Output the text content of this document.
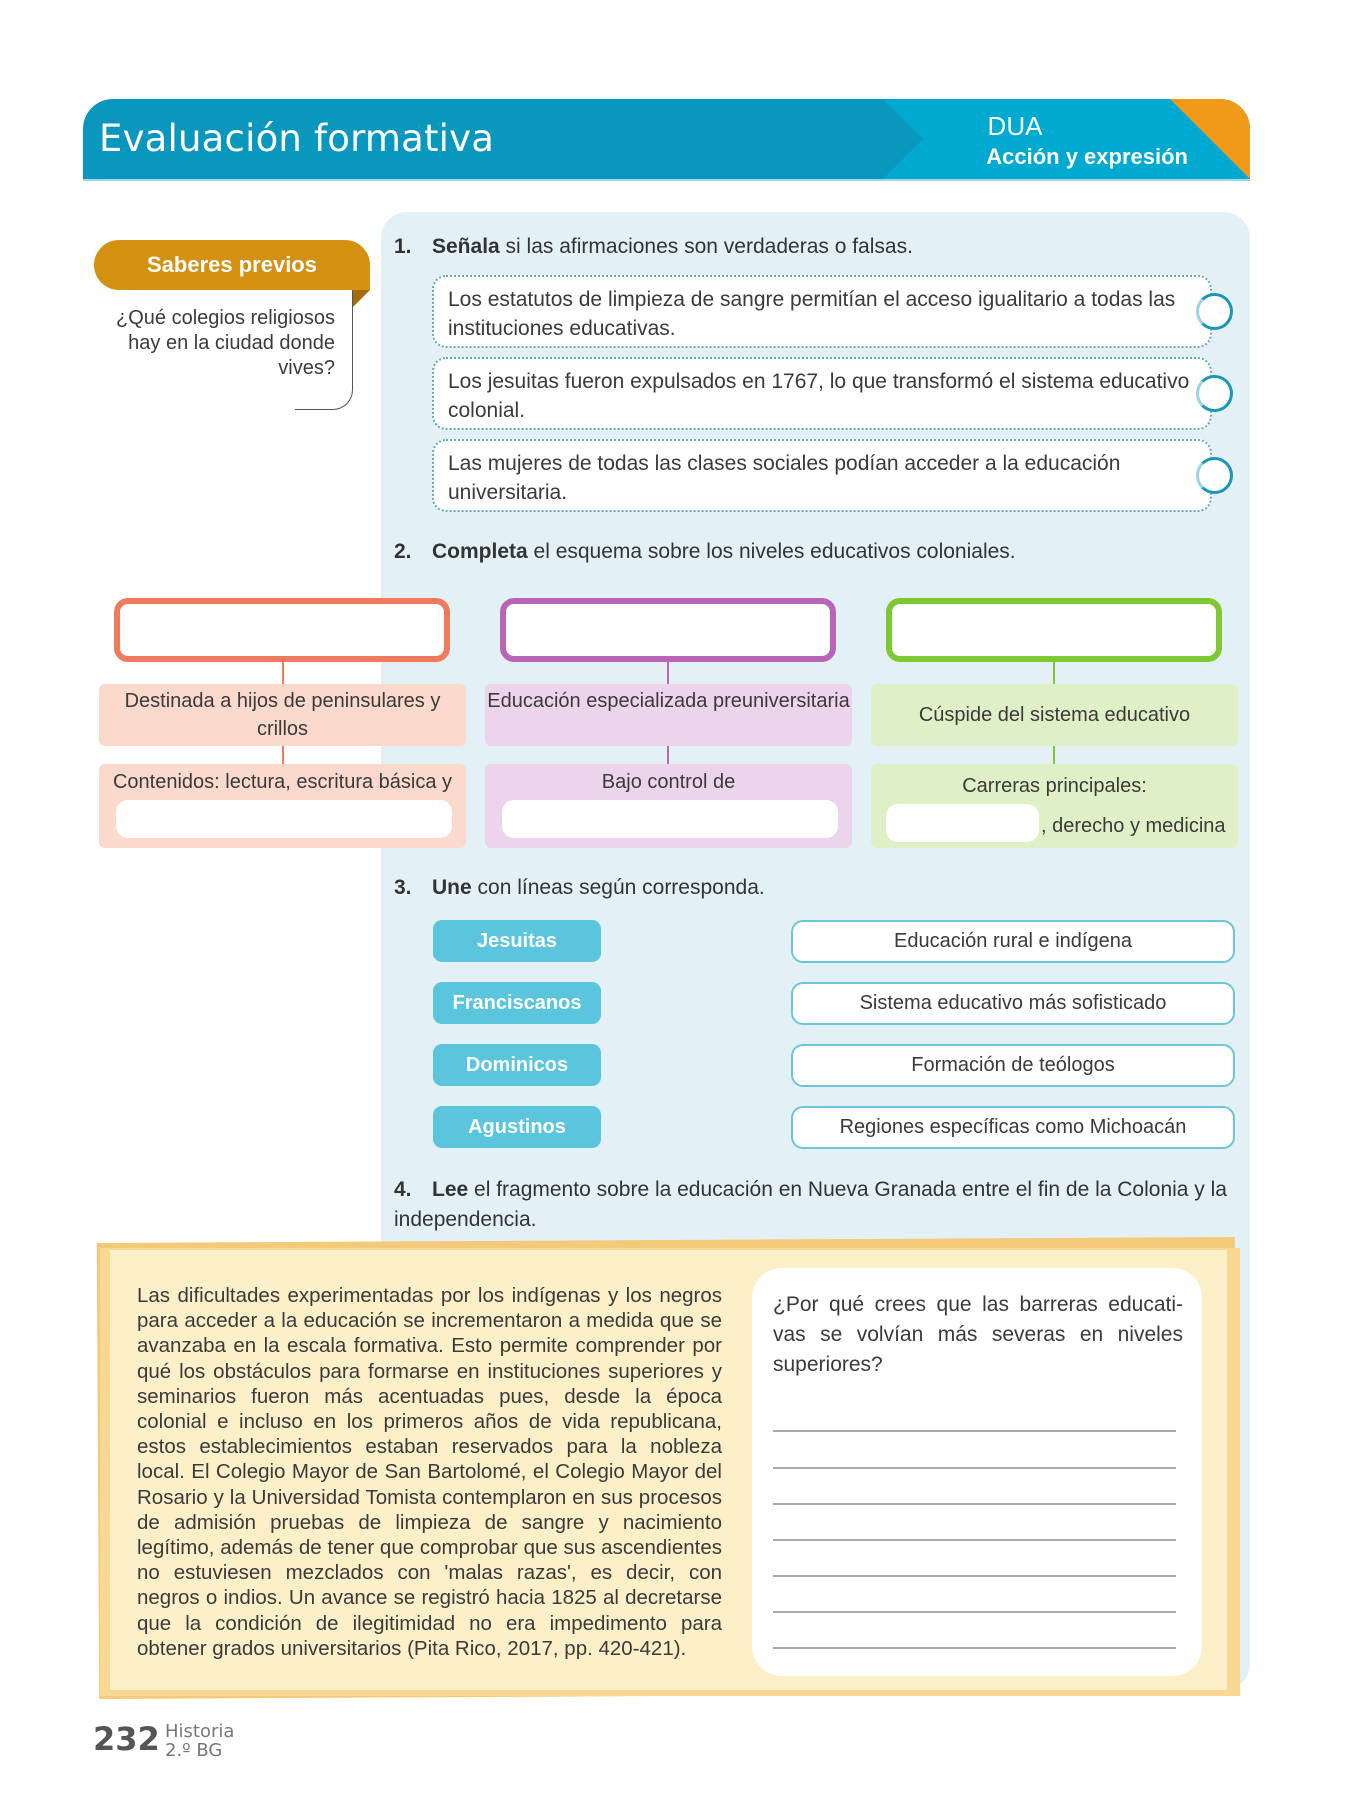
Evaluación formativa	DUA
Acción y expresión
Saberes previos
¿Qué colegios religiosos hay en la ciudad donde vives?
1. Señala si las afirmaciones son verdaderas o falsas.
Los estatutos de limpieza de sangre permitían el acceso igualitario a todas las instituciones educativas.
Los jesuitas fueron expulsados en 1767, lo que transformó el sistema educativo colonial.
Las mujeres de todas las clases sociales podían acceder a la educación universitaria.
2. Completa el esquema sobre los niveles educativos coloniales.
Destinada a hijos de peninsulares y crillos
Contenidos: lectura, escritura básica y
Educación especializada preuniversitaria
Bajo control de
Cúspide del sistema educativo
Carreras principales:
, derecho y medicina
3. Une con líneas según corresponda.
Jesuitas
Franciscanos
Dominicos
Agustinos
Educación rural e indígena
Sistema educativo más sofisticado
Formación de teólogos
Regiones específicas como Michoacán
4. Lee el fragmento sobre la educación en Nueva Granada entre el fin de la Colonia y la independencia.
Las dificultades experimentadas por los indígenas y los negros para acceder a la educación se incrementaron a medida que se avanzaba en la escala formativa. Esto permite comprender por qué los obstáculos para formarse en instituciones superiores y seminarios fueron más acentuadas pues, desde la época colonial e incluso en los primeros años de vida republicana, estos establecimientos estaban reservados para la nobleza local. El Colegio Mayor de San Bartolomé, el Colegio Mayor del Rosario y la Universidad Tomista contemplaron en sus procesos de admisión pruebas de limpieza de sangre y nacimiento legítimo, además de tener que comprobar que sus ascendientes no estuviesen mezclados con 'malas razas', es decir, con negros o indios. Un avance se registró hacia 1825 al decretarse que la condición de ilegitimidad no era impedimento para obtener grados universitarios (Pita Rico, 2017, pp. 420-421).
¿Por qué crees que las barreras educati-vas se volvían más severas en niveles superiores?
232 Historia
2.º BG
